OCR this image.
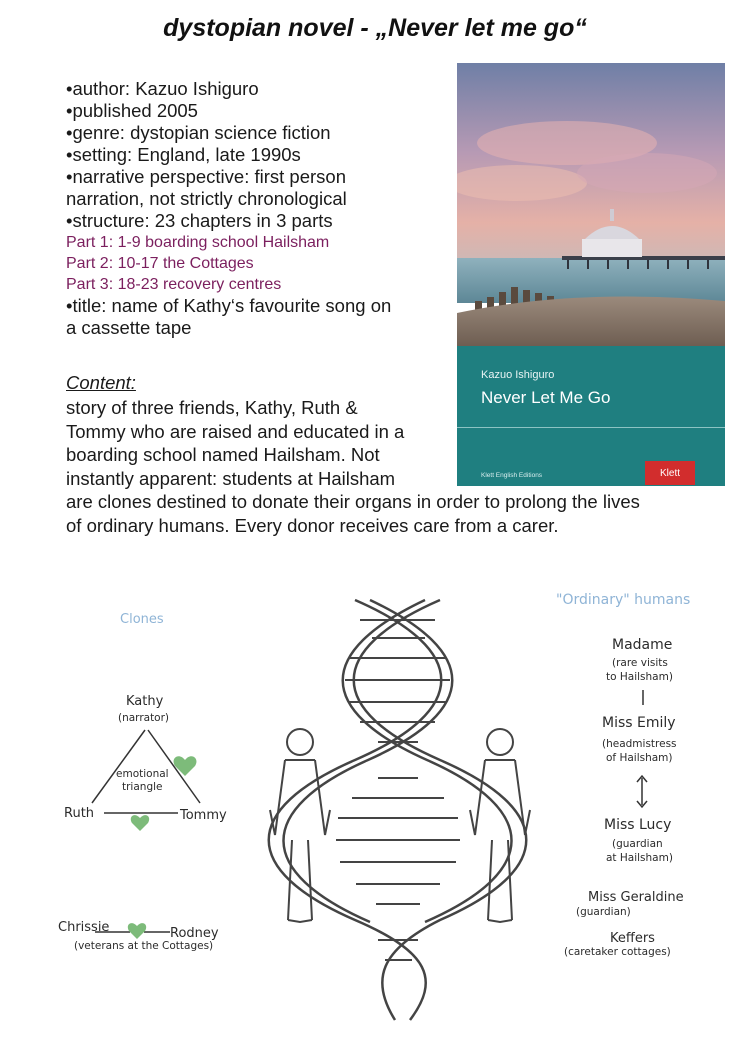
dystopian novel - „Never let me go“
•author: Kazuo Ishiguro
•published 2005
•genre: dystopian science fiction
•setting: England, late 1990s
•narrative perspective: first person
narration, not strictly chronological
•structure: 23 chapters in 3 parts
Part 1: 1-9 boarding school Hailsham
Part 2: 10-17 the Cottages
Part 3: 18-23 recovery centres
•title: name of Kathy‘s favourite song on
a cassette tape
Content:
story of three friends, Kathy, Ruth &
Tommy who are raised and educated in a
boarding school named Hailsham. Not
instantly apparent: students at Hailsham
are clones destined to donate their organs in order to prolong the lives
of ordinary humans. Every donor receives care from a carer.
Kazuo Ishiguro
Never Let Me Go
Klett English Editions	Klett
Clones
"Ordinary" humans
Kathy
(narrator)
emotional
triangle
Ruth	Tommy
Chrissie	Rodney
(veterans at the Cottages)
Madame
(rare visits
to Hailsham)
Miss Emily
(headmistress
of Hailsham)
Miss Lucy
(guardian
at Hailsham)
Miss Geraldine
(guardian)
Keffers
(caretaker cottages)
